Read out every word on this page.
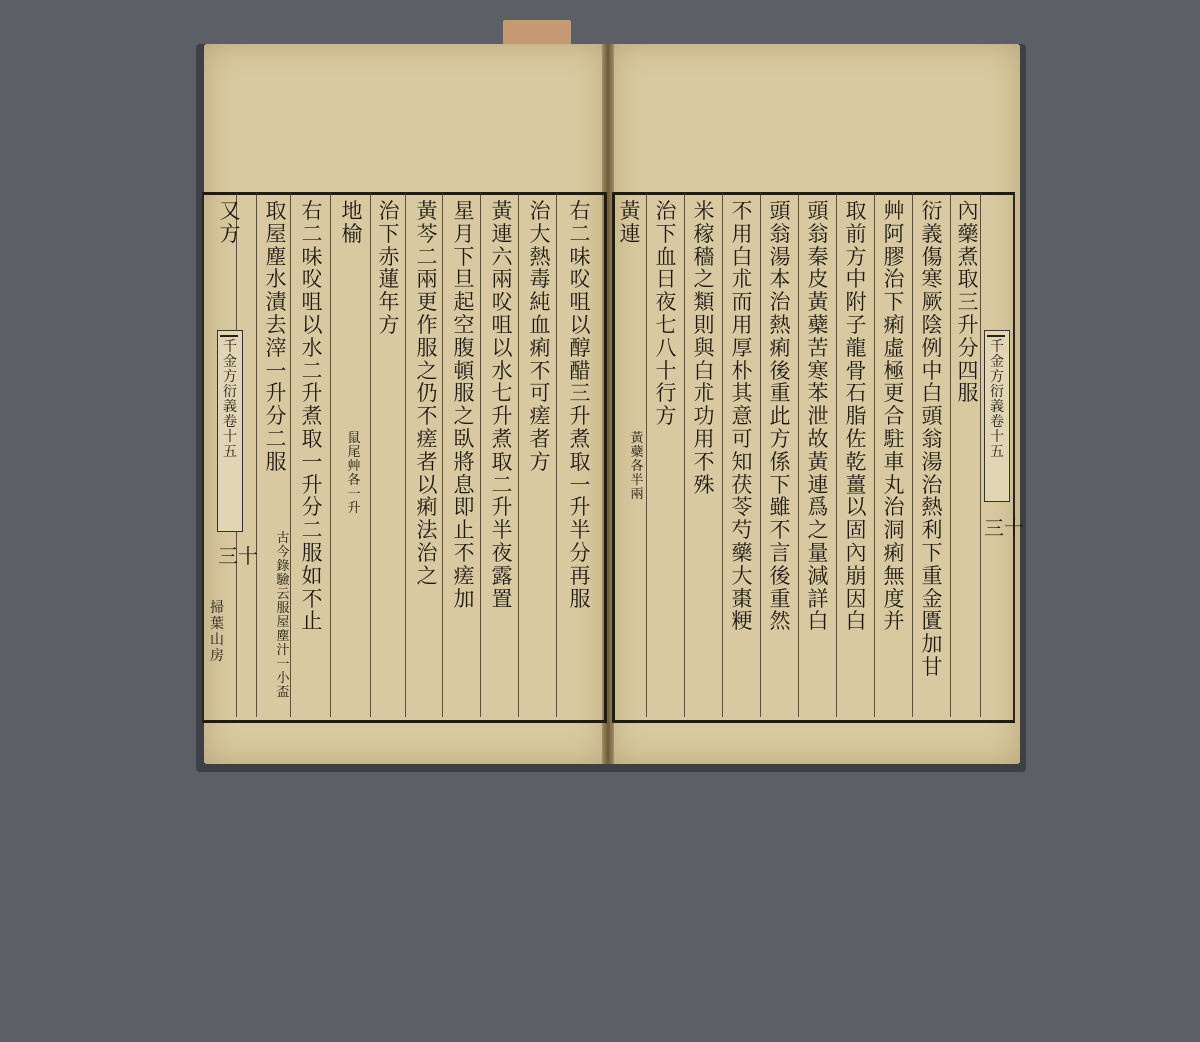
千
金
方
衍
義
卷
十
五
千
金
方
衍
義
卷
十
五
三十
三十
掃
葉
山
房
右
二
味
㕮
咀
以
醇
醋
三
升
煮
取
一
升
半
分
再
服
治
大
熱
毒
純
血
痢
不
可
瘥
者
方
黃
連
六
兩
㕮
咀
以
水
七
升
煮
取
二
升
半
夜
露
置
星
月
下
旦
起
空
腹
頓
服
之
臥
將
息
即
止
不
瘥
加
黃
芩
二
兩
更
作
服
之
仍
不
瘥
者
以
痢
法
治
之
治
下
赤
蓮
年
方
地
榆
鼠
尾
艸
各
一
升
右
二
味
㕮
咀
以
水
二
升
煮
取
一
升
分
二
服
如
不
止
取
屋
塵
水
漬
去
滓
一
升
分
二
服
古
今
錄
驗
云
服
屋
塵
汁
一
小
盃
又
方
內
藥
煮
取
三
升
分
四
服
衍
義
傷
寒
厥
陰
例
中
白
頭
翁
湯
治
熱
利
下
重
金
匱
加
甘
艸
阿
膠
治
下
痢
虛
極
更
合
駐
車
丸
治
洞
痢
無
度
并
取
前
方
中
附
子
龍
骨
石
脂
佐
乾
薑
以
固
內
崩
因
白
頭
翁
秦
皮
黃
蘗
苦
寒
苯
泄
故
黃
連
爲
之
量
減
詳
白
頭
翁
湯
本
治
熱
痢
後
重
此
方
係
下
雖
不
言
後
重
然
不
用
白
朮
而
用
厚
朴
其
意
可
知
茯
苓
芍
藥
大
棗
粳
米
稼
穡
之
類
則
與
白
朮
功
用
不
殊
治
下
血
日
夜
七
八
十
行
方
黃
連
黃
蘗
各
半
兩
